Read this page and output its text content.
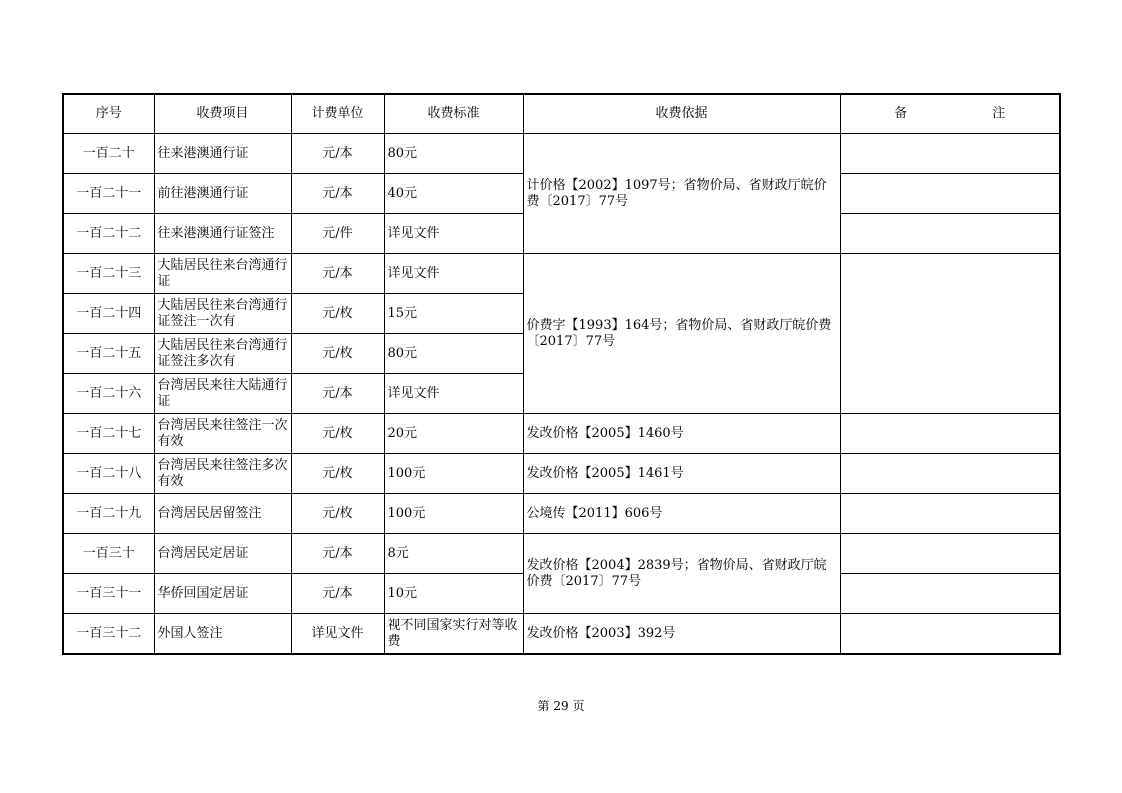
序号	收费项目	计费单位	收费标准	收费依据	备　注
一百二十	往来港澳通行证	元/本	80元	计价格【2002】1097号；省物价局、省财政厅皖价费〔2017〕77号	
一百二十一	前往港澳通行证	元/本	40元		
一百二十二	往来港澳通行证签注	元/件	详见文件		
一百二十三	大陆居民往来台湾通行证	元/本	详见文件	价费字【1993】164号；省物价局、省财政厅皖价费〔2017〕77号	
一百二十四	大陆居民往来台湾通行证签注一次有	元/枚	15元		
一百二十五	大陆居民往来台湾通行证签注多次有	元/枚	80元		
一百二十六	台湾居民来往大陆通行证	元/本	详见文件		
一百二十七	台湾居民来往签注一次有效	元/枚	20元	发改价格【2005】1460号	
一百二十八	台湾居民来往签注多次有效	元/枚	100元	发改价格【2005】1461号	
一百二十九	台湾居民居留签注	元/枚	100元	公境传【2011】606号	
一百三十	台湾居民定居证	元/本	8元	发改价格【2004】2839号；省物价局、省财政厅皖价费〔2017〕77号	
一百三十一	华侨回国定居证	元/本	10元		
一百三十二	外国人签注	详见文件	视不同国家实行对等收费	发改价格【2003】392号	
第 29 页
